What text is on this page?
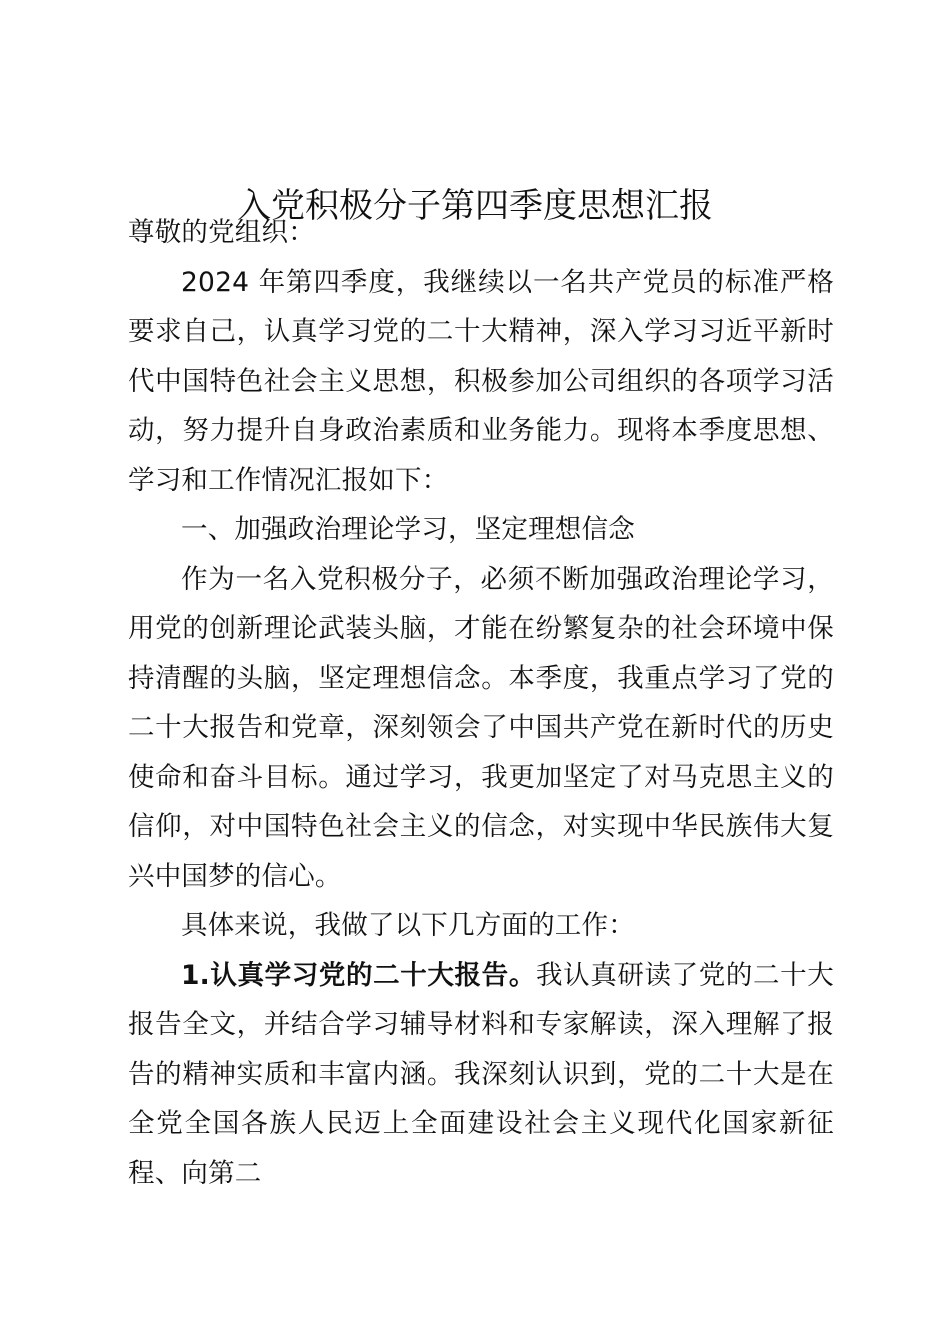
入党积极分子第四季度思想汇报

尊敬的党组织：

2024 年第四季度，我继续以一名共产党员的标准严格要求自己，认真学习党的二十大精神，深入学习习近平新时代中国特色社会主义思想，积极参加公司组织的各项学习活动，努力提升自身政治素质和业务能力。现将本季度思想、学习和工作情况汇报如下：

一、加强政治理论学习，坚定理想信念

作为一名入党积极分子，必须不断加强政治理论学习，用党的创新理论武装头脑，才能在纷繁复杂的社会环境中保持清醒的头脑，坚定理想信念。本季度，我重点学习了党的二十大报告和党章，深刻领会了中国共产党在新时代的历史使命和奋斗目标。通过学习，我更加坚定了对马克思主义的信仰，对中国特色社会主义的信念，对实现中华民族伟大复兴中国梦的信心。

具体来说，我做了以下几方面的工作：

1.认真学习党的二十大报告。我认真研读了党的二十大报告全文，并结合学习辅导材料和专家解读，深入理解了报告的精神实质和丰富内涵。我深刻认识到，党的二十大是在全党全国各族人民迈上全面建设社会主义现代化国家新征程、向第二
